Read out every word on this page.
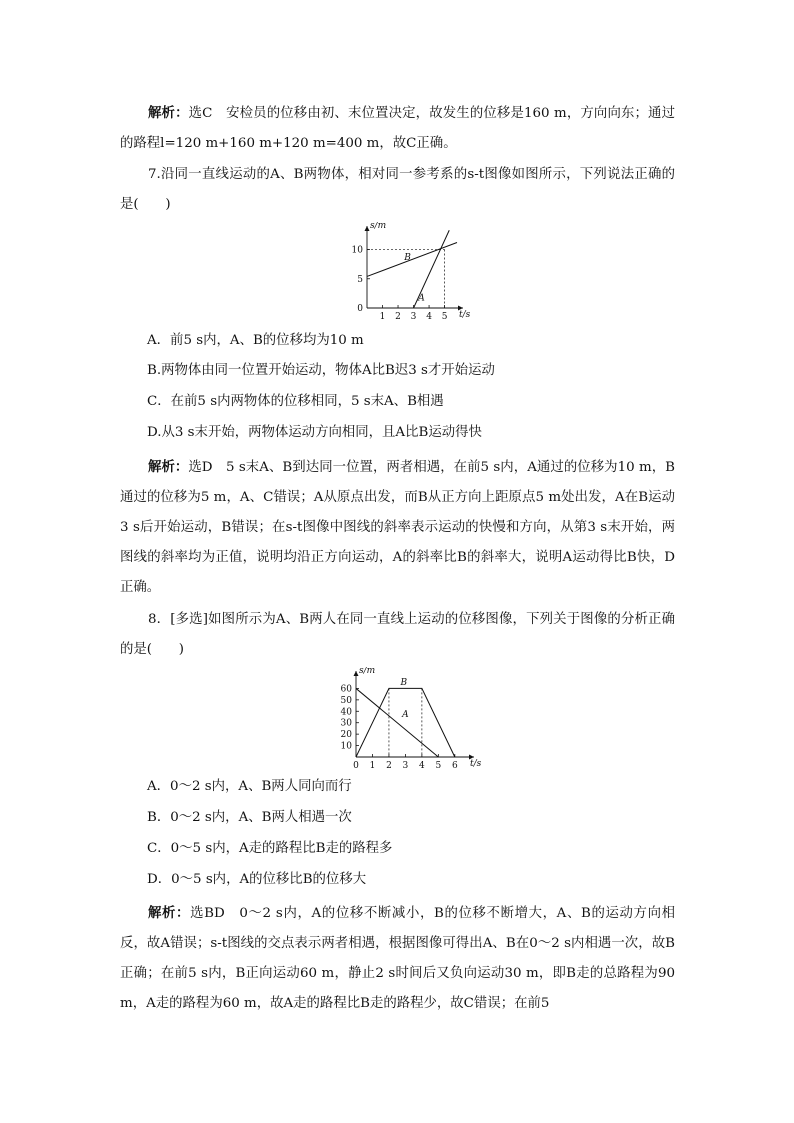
解析：选C　安检员的位移由初、末位置决定，故发生的位移是160 m，方向向东；通过的路程l=120 m+160 m+120 m=400 m，故C正确。

7.沿同一直线运动的A、B两物体，相对同一参考系的s-t图像如图所示，下列说法正确的是(　　)

t/s
s/m
1 2 3 4 5
0
5
10
B
A

A．前5 s内，A、B的位移均为10 m

B.两物体由同一位置开始运动，物体A比B迟3 s才开始运动

C．在前5 s内两物体的位移相同，5 s末A、B相遇

D.从3 s末开始，两物体运动方向相同，且A比B运动得快

解析：选D　5 s末A、B到达同一位置，两者相遇，在前5 s内，A通过的位移为10 m，B通过的位移为5 m，A、C错误；A从原点出发，而B从正方向上距原点5 m处出发，A在B运动3 s后开始运动，B错误；在s-t图像中图线的斜率表示运动的快慢和方向，从第3 s末开始，两图线的斜率均为正值，说明均沿正方向运动，A的斜率比B的斜率大，说明A运动得比B快，D正确。

8．[多选]如图所示为A、B两人在同一直线上运动的位移图像，下列关于图像的分析正确的是(　　)

t/s
s/m
0 1 2 3 4 5 6
10
20
30
40
50
60
B
A

A．0～2 s内，A、B两人同向而行

B．0～2 s内，A、B两人相遇一次

C．0～5 s内，A走的路程比B走的路程多

D．0～5 s内，A的位移比B的位移大

解析：选BD　0～2 s内，A的位移不断减小，B的位移不断增大，A、B的运动方向相反，故A错误；s-t图线的交点表示两者相遇，根据图像可得出A、B在0～2 s内相遇一次，故B正确；在前5 s内，B正向运动60 m，静止2 s时间后又负向运动30 m，即B走的总路程为90 m，A走的路程为60 m，故A走的路程比B走的路程少，故C错误；在前5
